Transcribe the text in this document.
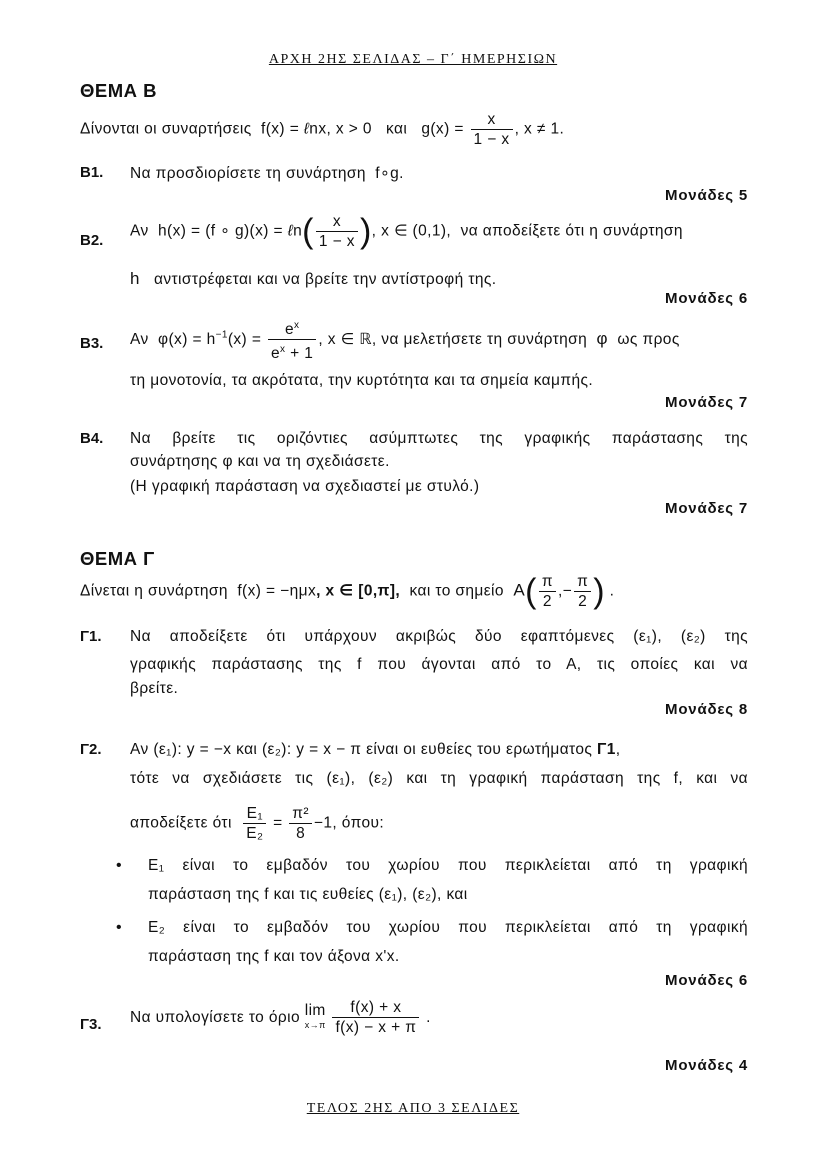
ΑΡΧΗ 2ΗΣ ΣΕΛΙΔΑΣ – Γ΄ ΗΜΕΡΗΣΙΩΝ
ΘΕΜΑ Β
Δίνονται οι συναρτήσεις f(x) = ℓnx, x > 0 και $g(x) = \frac{x}{1 - x}$ , x ≠ 1.
Β1. Να προσδιορίσετε τη συνάρτηση f∘g.
Μονάδες 5
Β2.
Αν h(x) = (f ∘ g)(x) = ℓn( $\frac{x}{1 - x}$ ), x ∈ (0,1), να αποδείξετε ότι η συνάρτηση
h αντιστρέφεται και να βρείτε την αντίστροφή της.
Μονάδες 6
Β3. Αν $\varphi(x) = h^{-1}(x) = \frac{e^x}{e^x + 1}$ , x ∈ ℝ, να μελετήσετε τη συνάρτηση φ ως προς
τη μονοτονία, τα ακρότατα, την κυρτότητα και τα σημεία καμπής.
Μονάδες 7
Β4. Να βρείτε τις οριζόντιες ασύμπτωτες της γραφικής παράστασης της
συνάρτησης φ και να τη σχεδιάσετε.
(Η γραφική παράσταση να σχεδιαστεί με στυλό.)
Μονάδες 7
ΘΕΜΑ Γ
Δίνεται η συνάρτηση f(x) = −ημx, x ∈ [0,π], και το σημείο $A( \frac{\pi}{2}$ ,− $\frac{\pi}{2}$ ) .
Γ1. Να αποδείξετε ότι υπάρχουν ακριβώς δύο εφαπτόμενες (ε₁), (ε₂) της
γραφικής παράστασης της f που άγονται από το Α, τις οποίες και να
βρείτε.
Μονάδες 8
Γ2. Αν (ε₁): y = −x και (ε₂): y = x − π είναι οι ευθείες του ερωτήματος Γ1,
τότε να σχεδιάσετε τις (ε₁), (ε₂) και τη γραφική παράσταση της f, και να
αποδείξετε ότι $\frac{\text{E₁}}{\text{E₂}} = \frac{\text{π²}}{8} -1$, όπου:
• E₁ είναι το εμβαδόν του χωρίου που περικλείεται από τη γραφική
παράσταση της f και τις ευθείες (ε₁), (ε₂), και
• E₂ είναι το εμβαδόν του χωρίου που περικλείεται από τη γραφική
παράσταση της f και τον άξονα x'x.
Μονάδες 6
Γ3. Να υπολογίσετε το όριο lim
x→π
$\frac{f(x) + x}{f(x) - x + \pi}$ .
Μονάδες 4
ΤΕΛΟΣ 2ΗΣ ΑΠΟ 3 ΣΕΛΙΔΕΣ
